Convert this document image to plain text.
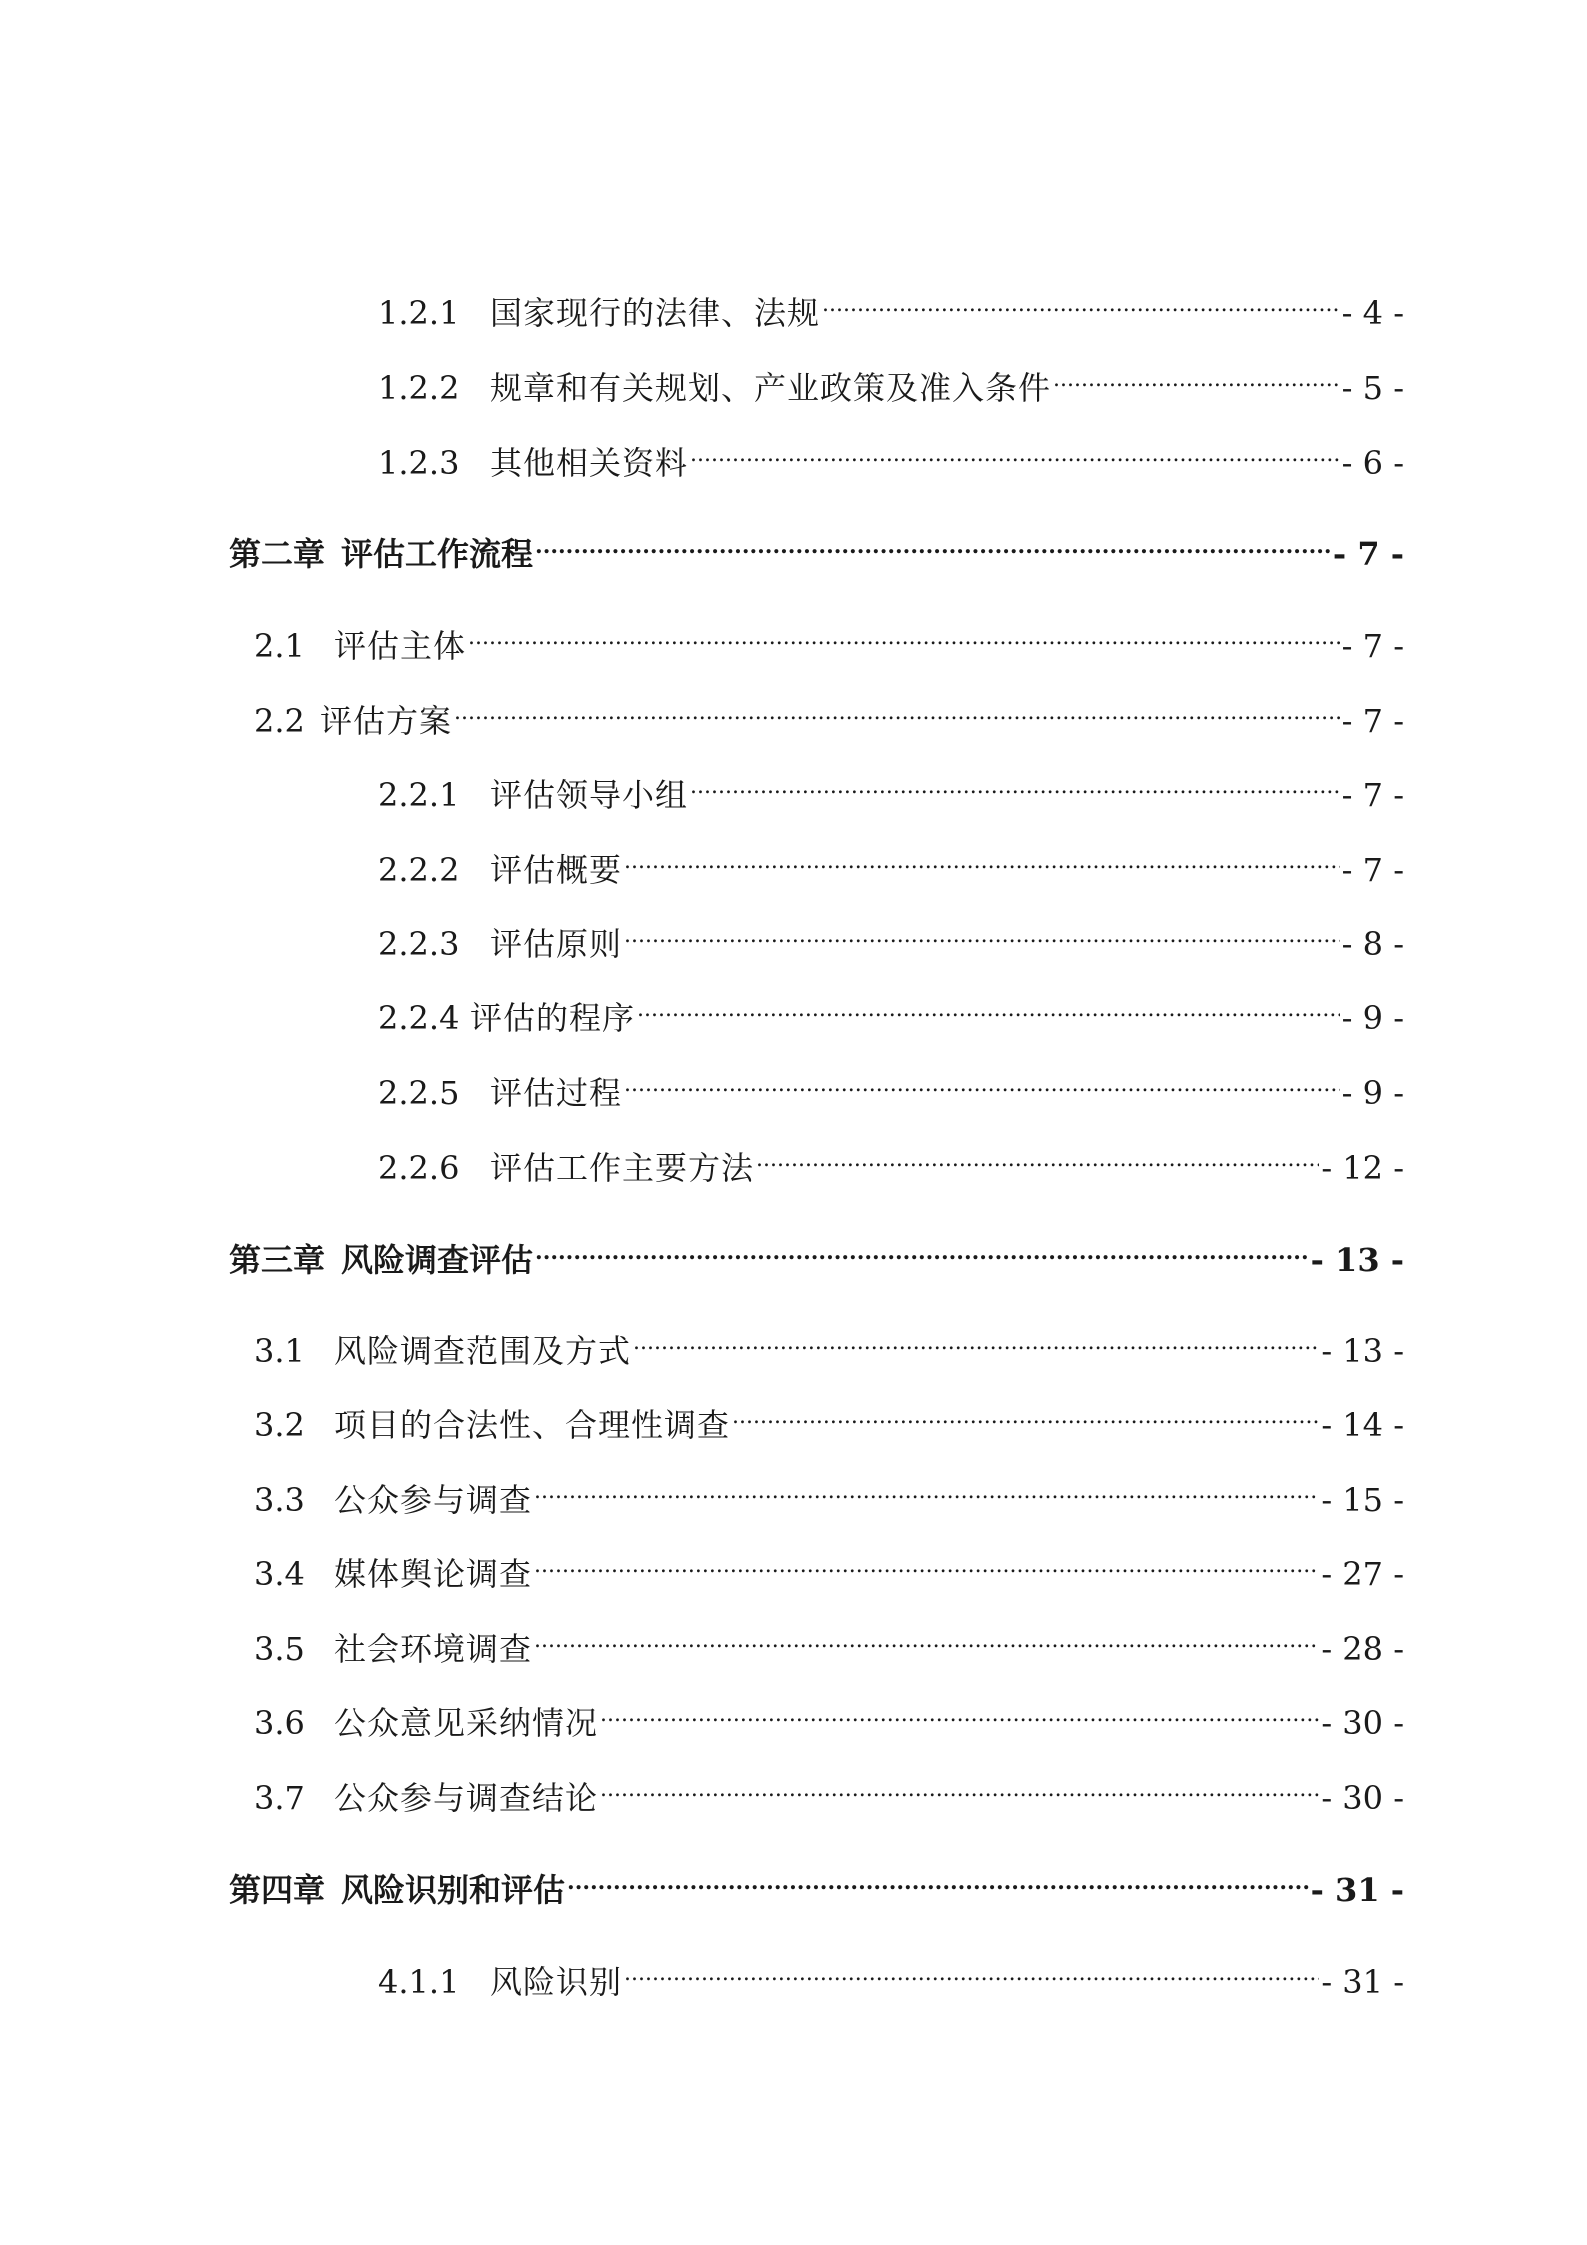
1.2.1 国家现行的法律、法规 .....	- 4 -
1.2.2 规章和有关规划、产业政策及准入条件 .....	- 5 -
1.2.3 其他相关资料 .....	- 6 -
第二章 评估工作流程 .....	- 7 -
2.1 评估主体 .....	- 7 -
2.2 评估方案 .....	- 7 -
2.2.1 评估领导小组 .....	- 7 -
2.2.2 评估概要 .....	- 7 -
2.2.3 评估原则 .....	- 8 -
2.2.4 评估的程序 .....	- 9 -
2.2.5 评估过程 .....	- 9 -
2.2.6 评估工作主要方法 .....	- 12 -
第三章 风险调查评估 .....	- 13 -
3.1 风险调查范围及方式 .....	- 13 -
3.2 项目的合法性、合理性调查 .....	- 14 -
3.3 公众参与调查 .....	- 15 -
3.4 媒体舆论调查 .....	- 27 -
3.5 社会环境调查 .....	- 28 -
3.6 公众意见采纳情况 .....	- 30 -
3.7 公众参与调查结论 .....	- 30 -
第四章 风险识别和评估 .....	- 31 -
4.1.1 风险识别 .....	- 31 -
